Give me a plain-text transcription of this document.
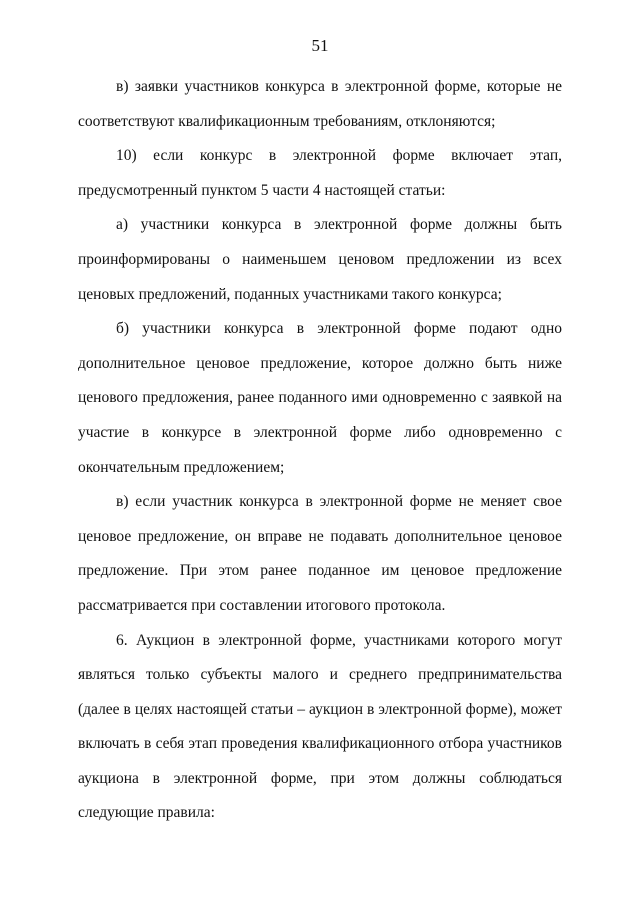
51

в) заявки участников конкурса в электронной форме, которые не соответствуют квалификационным требованиям, отклоняются;

10) если конкурс в электронной форме включает этап, предусмотренный пунктом 5 части 4 настоящей статьи:

а) участники конкурса в электронной форме должны быть проинформированы о наименьшем ценовом предложении из всех ценовых предложений, поданных участниками такого конкурса;

б) участники конкурса в электронной форме подают одно дополнительное ценовое предложение, которое должно быть ниже ценового предложения, ранее поданного ими одновременно с заявкой на участие в конкурсе в электронной форме либо одновременно с окончательным предложением;

в) если участник конкурса в электронной форме не меняет свое ценовое предложение, он вправе не подавать дополнительное ценовое предложение. При этом ранее поданное им ценовое предложение рассматривается при составлении итогового протокола.

6. Аукцион в электронной форме, участниками которого могут являться только субъекты малого и среднего предпринимательства (далее в целях настоящей статьи – аукцион в электронной форме), может включать в себя этап проведения квалификационного отбора участников аукциона в электронной форме, при этом должны соблюдаться следующие правила:
